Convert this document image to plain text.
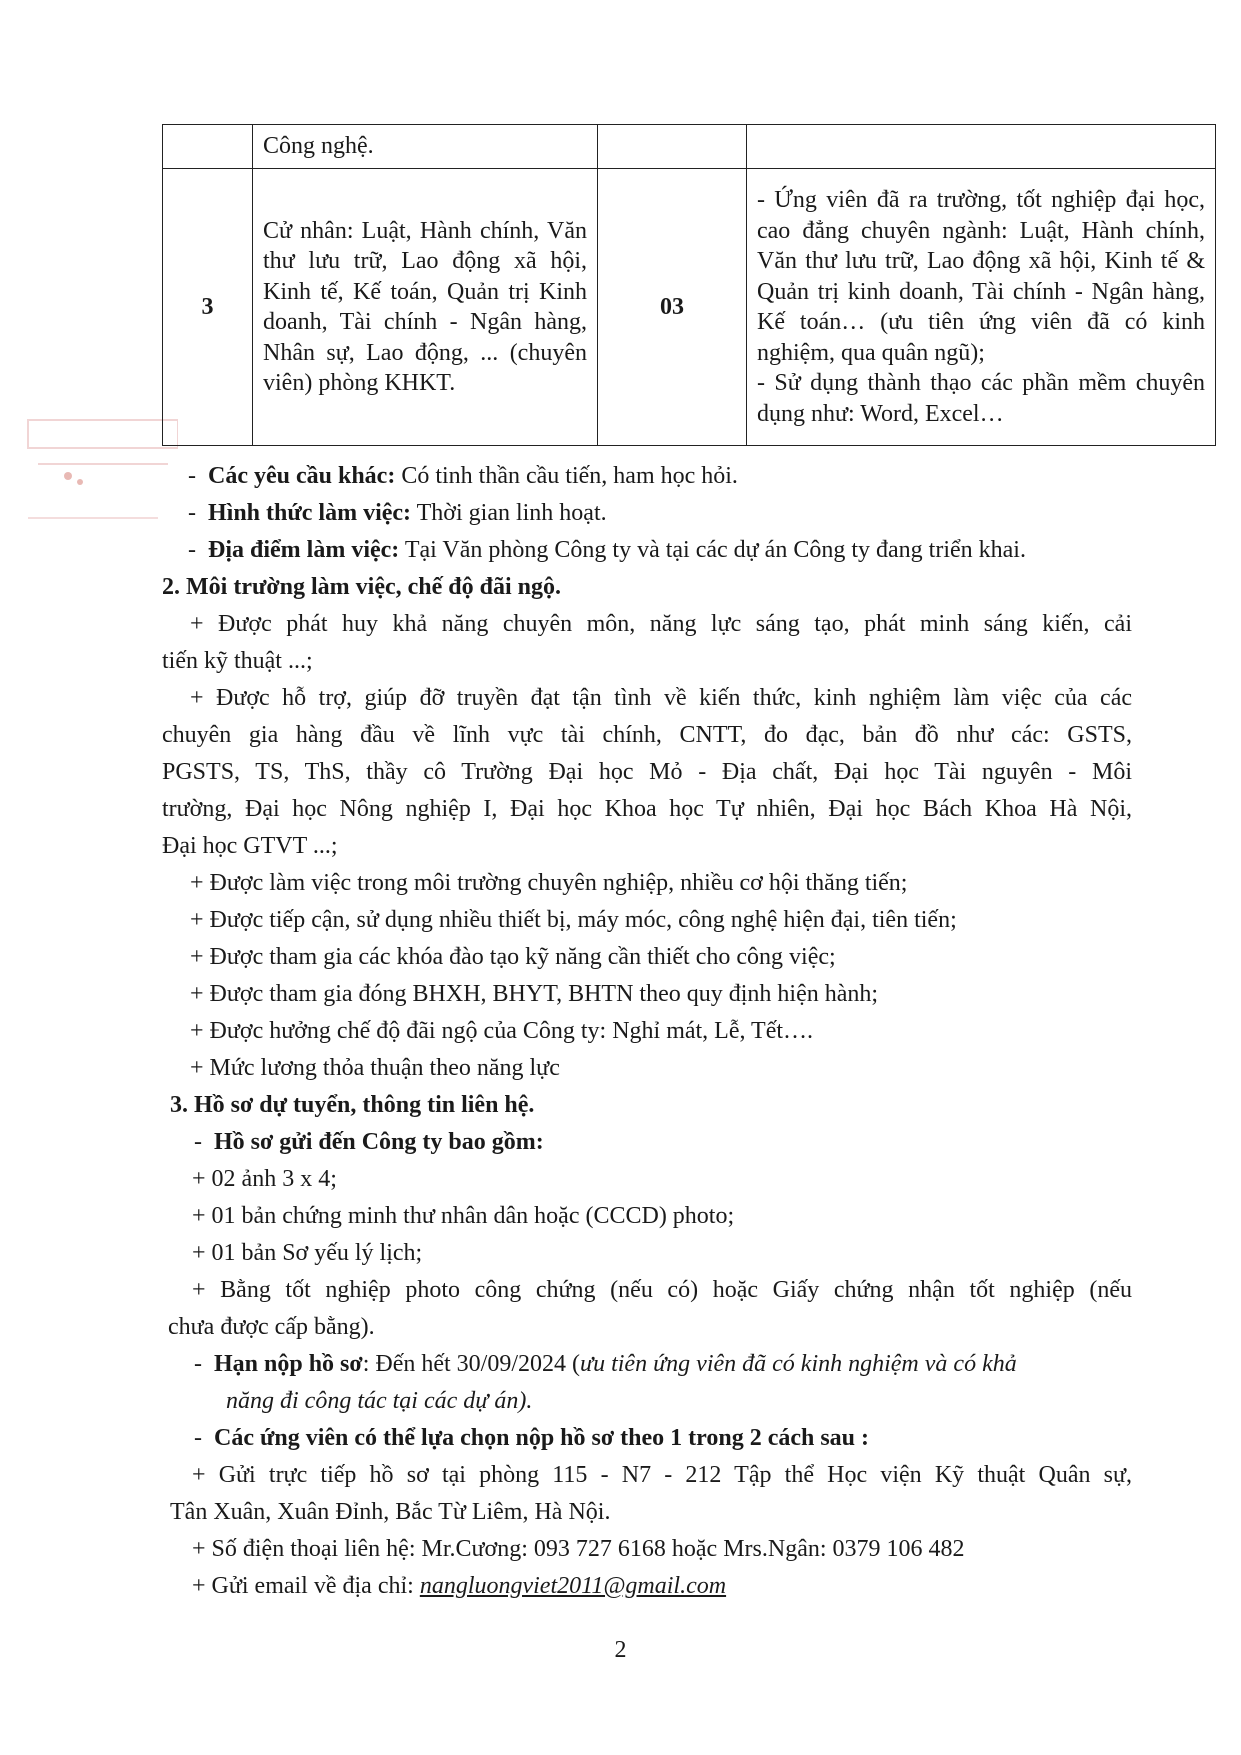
	Công nghệ.		
3	Cử nhân: Luật, Hành chính, Văn thư lưu trữ, Lao động xã hội, Kinh tế, Kế toán, Quản trị Kinh doanh, Tài chính - Ngân hàng, Nhân sự, Lao động, ... (chuyên viên) phòng KHKT.	03	- Ứng viên đã ra trường, tốt nghiệp đại học, cao đẳng chuyên ngành: Luật, Hành chính, Văn thư lưu trữ, Lao động xã hội, Kinh tế & Quản trị kinh doanh, Tài chính - Ngân hàng, Kế toán… (ưu tiên ứng viên đã có kinh nghiệm, qua quân ngũ);
- Sử dụng thành thạo các phần mềm chuyên dụng như: Word, Excel…
-  Các yêu cầu khác: Có tinh thần cầu tiến, ham học hỏi.
-  Hình thức làm việc: Thời gian linh hoạt.
-  Địa điểm làm việc: Tại Văn phòng Công ty và tại các dự án Công ty đang triển khai.
2. Môi trường làm việc, chế độ đãi ngộ.
+ Được phát huy khả năng chuyên môn, năng lực sáng tạo, phát minh sáng kiến, cải
tiến kỹ thuật ...;
+ Được hỗ trợ, giúp đỡ truyền đạt tận tình về kiến thức, kinh nghiệm làm việc của các
chuyên gia hàng đầu về lĩnh vực tài chính, CNTT, đo đạc, bản đồ như các: GSTS,
PGSTS, TS, ThS, thầy cô Trường Đại học Mỏ - Địa chất, Đại học Tài nguyên - Môi
trường, Đại học Nông nghiệp I, Đại học Khoa học Tự nhiên, Đại học Bách Khoa Hà Nội,
Đại học GTVT ...;
+ Được làm việc trong môi trường chuyên nghiệp, nhiều cơ hội thăng tiến;
+ Được tiếp cận, sử dụng nhiều thiết bị, máy móc, công nghệ hiện đại, tiên tiến;
+ Được tham gia các khóa đào tạo kỹ năng cần thiết cho công việc;
+ Được tham gia đóng BHXH, BHYT, BHTN theo quy định hiện hành;
+ Được hưởng chế độ đãi ngộ của Công ty: Nghỉ mát, Lễ, Tết….
+ Mức lương thỏa thuận theo năng lực
3. Hồ sơ dự tuyển, thông tin liên hệ.
-  Hồ sơ gửi đến Công ty bao gồm:
+ 02 ảnh 3 x 4;
+ 01 bản chứng minh thư nhân dân hoặc (CCCD) photo;
+ 01 bản Sơ yếu lý lịch;
+ Bằng tốt nghiệp photo công chứng (nếu có) hoặc Giấy chứng nhận tốt nghiệp (nếu
chưa được cấp bằng).
-  Hạn nộp hồ sơ: Đến hết 30/09/2024 (ưu tiên ứng viên đã có kinh nghiệm và có khả
năng đi công tác tại các dự án).
-  Các ứng viên có thể lựa chọn nộp hồ sơ theo 1 trong 2 cách sau :
+ Gửi trực tiếp hồ sơ tại phòng 115 - N7 - 212 Tập thể Học viện Kỹ thuật Quân sự,
Tân Xuân, Xuân Đỉnh, Bắc Từ Liêm, Hà Nội.
+ Số điện thoại liên hệ: Mr.Cương: 093 727 6168 hoặc Mrs.Ngân: 0379 106 482
+ Gửi email về địa chỉ: nangluongviet2011@gmail.com
2
